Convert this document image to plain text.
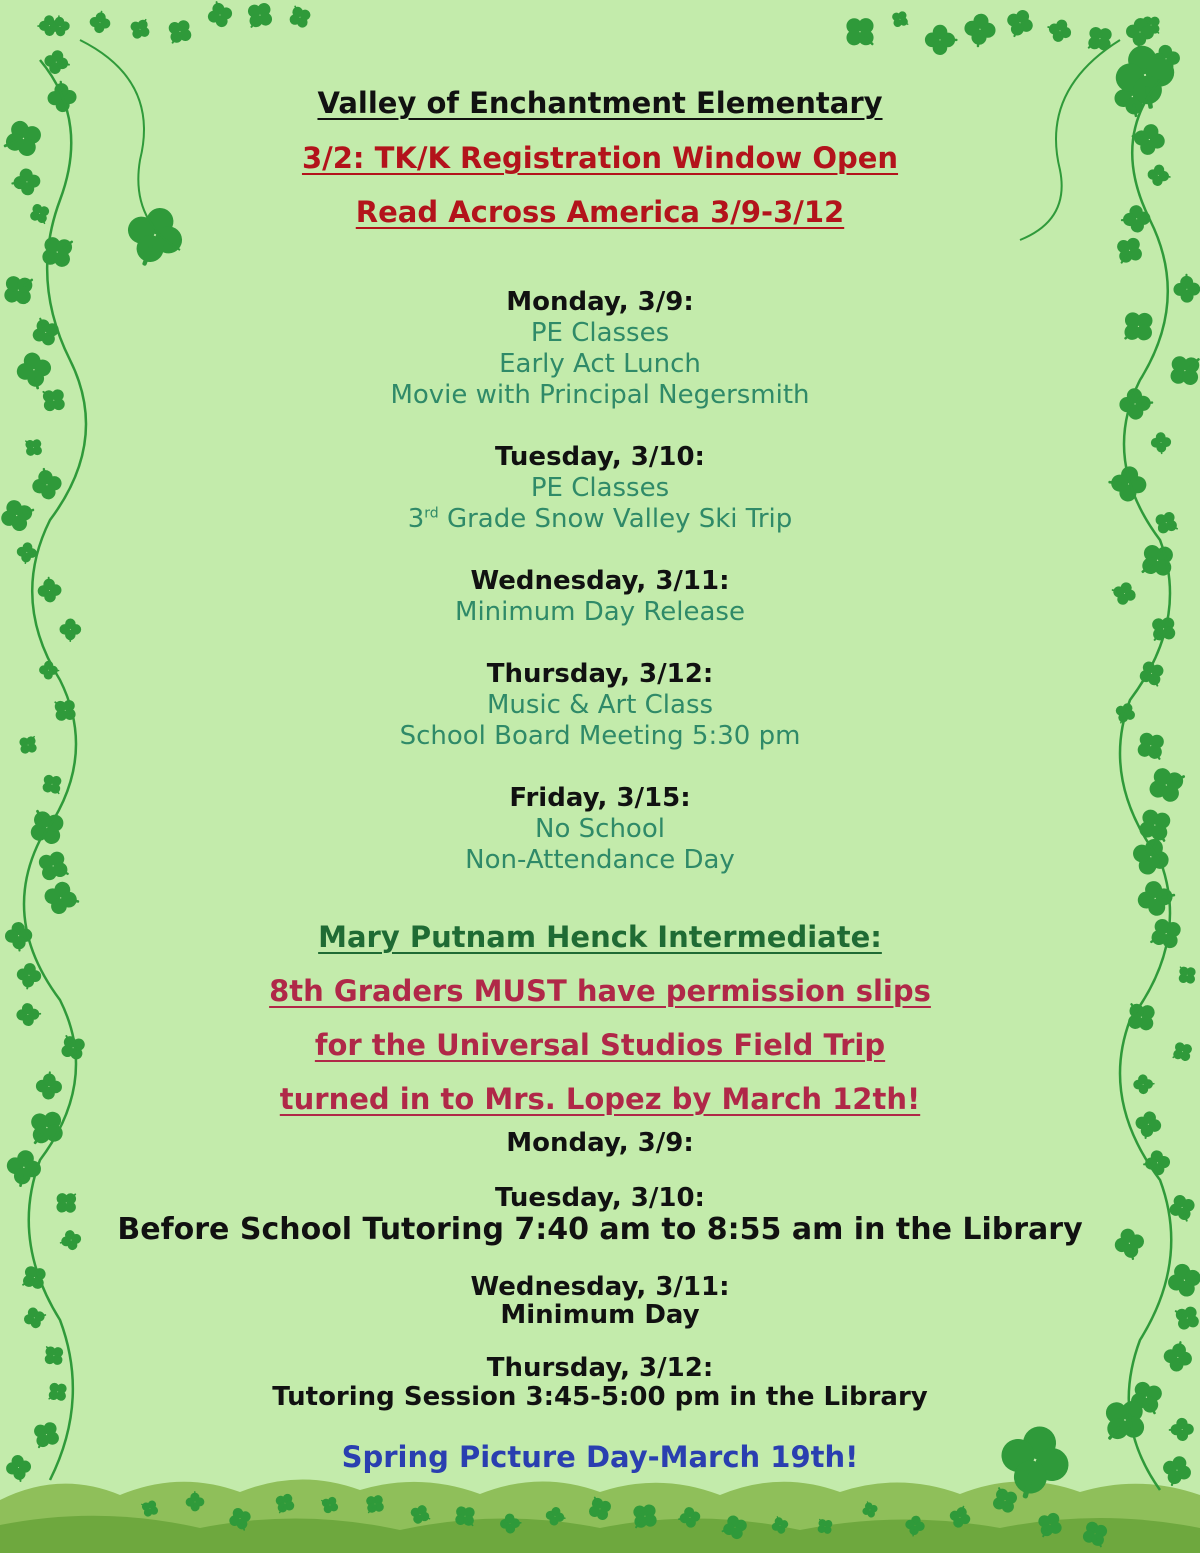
Valley of Enchantment Elementary
3/2: TK/K Registration Window Open
Read Across America 3/9-3/12
Monday, 3/9:
PE Classes
Early Act Lunch
Movie with Principal Negersmith
Tuesday, 3/10:
PE Classes
3rd Grade Snow Valley Ski Trip
Wednesday, 3/11:
Minimum Day Release
Thursday, 3/12:
Music & Art Class
School Board Meeting 5:30 pm
Friday, 3/15:
No School
Non-Attendance Day
Mary Putnam Henck Intermediate:
8th Graders MUST have permission slips
for the Universal Studios Field Trip
turned in to Mrs. Lopez by March 12th!
Monday, 3/9:
Tuesday, 3/10:
Before School Tutoring 7:40 am to 8:55 am in the Library
Wednesday, 3/11:
Minimum Day
Thursday, 3/12:
Tutoring Session 3:45-5:00 pm in the Library
Spring Picture Day-March 19th!
